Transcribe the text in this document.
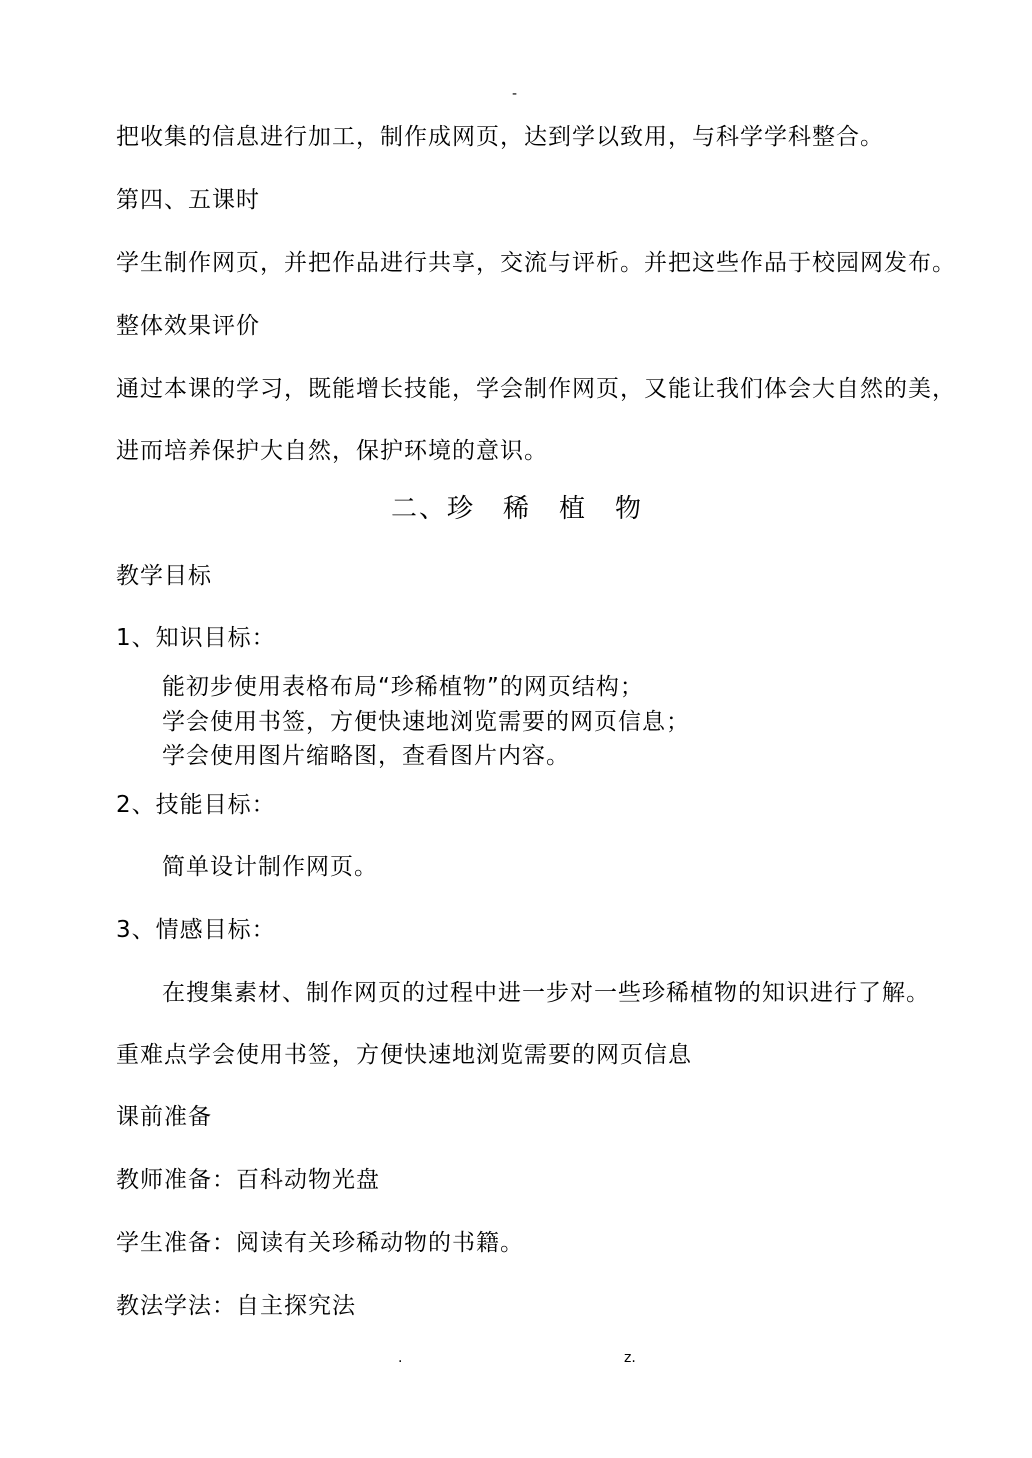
-
把收集的信息进行加工，制作成网页，达到学以致用，与科学学科整合。
第四、五课时
学生制作网页，并把作品进行共享，交流与评析。并把这些作品于校园网发布。
整体效果评价
通过本课的学习，既能增长技能，学会制作网页，又能让我们体会大自然的美，
进而培养保护大自然，保护环境的意识。
二、珍　稀　植　物
教学目标
1、知识目标：
能初步使用表格布局“珍稀植物”的网页结构；
学会使用书签，方便快速地浏览需要的网页信息；
学会使用图片缩略图，查看图片内容。
2、技能目标：
简单设计制作网页。
3、情感目标：
在搜集素材、制作网页的过程中进一步对一些珍稀植物的知识进行了解。
重难点学会使用书签，方便快速地浏览需要的网页信息
课前准备
教师准备：百科动物光盘
学生准备：阅读有关珍稀动物的书籍。
教法学法：自主探究法
.	z.
